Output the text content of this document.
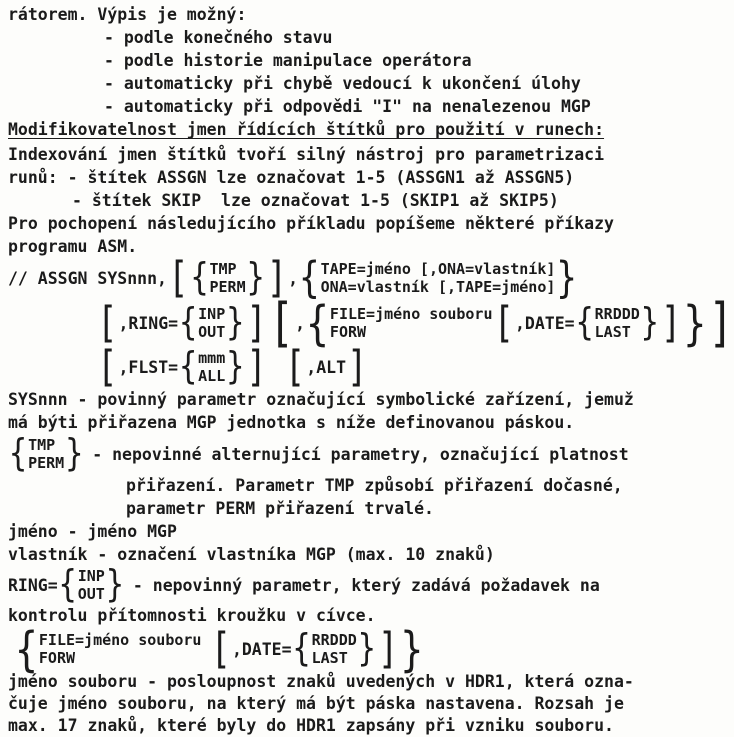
rátorem. Výpis je možný:
- podle konečného stavu
- podle historie manipulace operátora
- automaticky při chybě vedoucí k ukončení úlohy
- automaticky při odpovědi "I" na nenalezenou MGP
Modifikovatelnost jmen řídících štítků pro použití v runech:
Indexování jmen štítků tvoří silný nástroj pro parametrizaci
runů: - štítek ASSGN lze označovat 1-5 (ASSGN1 až ASSGN5)
- štítek SKIP  lze označovat 1-5 (SKIP1 až SKIP5)
Pro pochopení následujícího příkladu popíšeme některé příkazy
programu ASM.
// ASSGN SYSnnn, [ { TMP
PERM } ] , { TAPE=jméno [,ONA=vlastník]
ONA=vlastník [,TAPE=jméno] }
[ ,RING= { INP
OUT } ] [ , { FILE=jméno souboru
FORW	[ ,DATE= { RRDDD
LAST } ] } ]
[ ,FLST= { mmm
ALL } ] [ ,ALT ]
SYSnnn - povinný parametr označující symbolické zařízení, jemuž
má býti přiřazena MGP jednotka s níže definovanou páskou.
{ TMP
PERM } - nepovinné alternující parametry, označující platnost
přiřazení. Parametr TMP způsobí přiřazení dočasné,
parametr PERM přiřazení trvalé.
jméno - jméno MGP
vlastník - označení vlastníka MGP (max. 10 znaků)
RING= { INP
OUT } - nepovinný parametr, který zadává požadavek na
kontrolu přítomnosti kroužku v cívce.
{ FILE=jméno souboru
FORW	[ ,DATE= { RRDDD
LAST } ] }
jméno souboru - posloupnost znaků uvedených v HDR1, která ozna-
čuje jméno souboru, na který má být páska nastavena. Rozsah je
max. 17 znaků, které byly do HDR1 zapsány při vzniku souboru.
